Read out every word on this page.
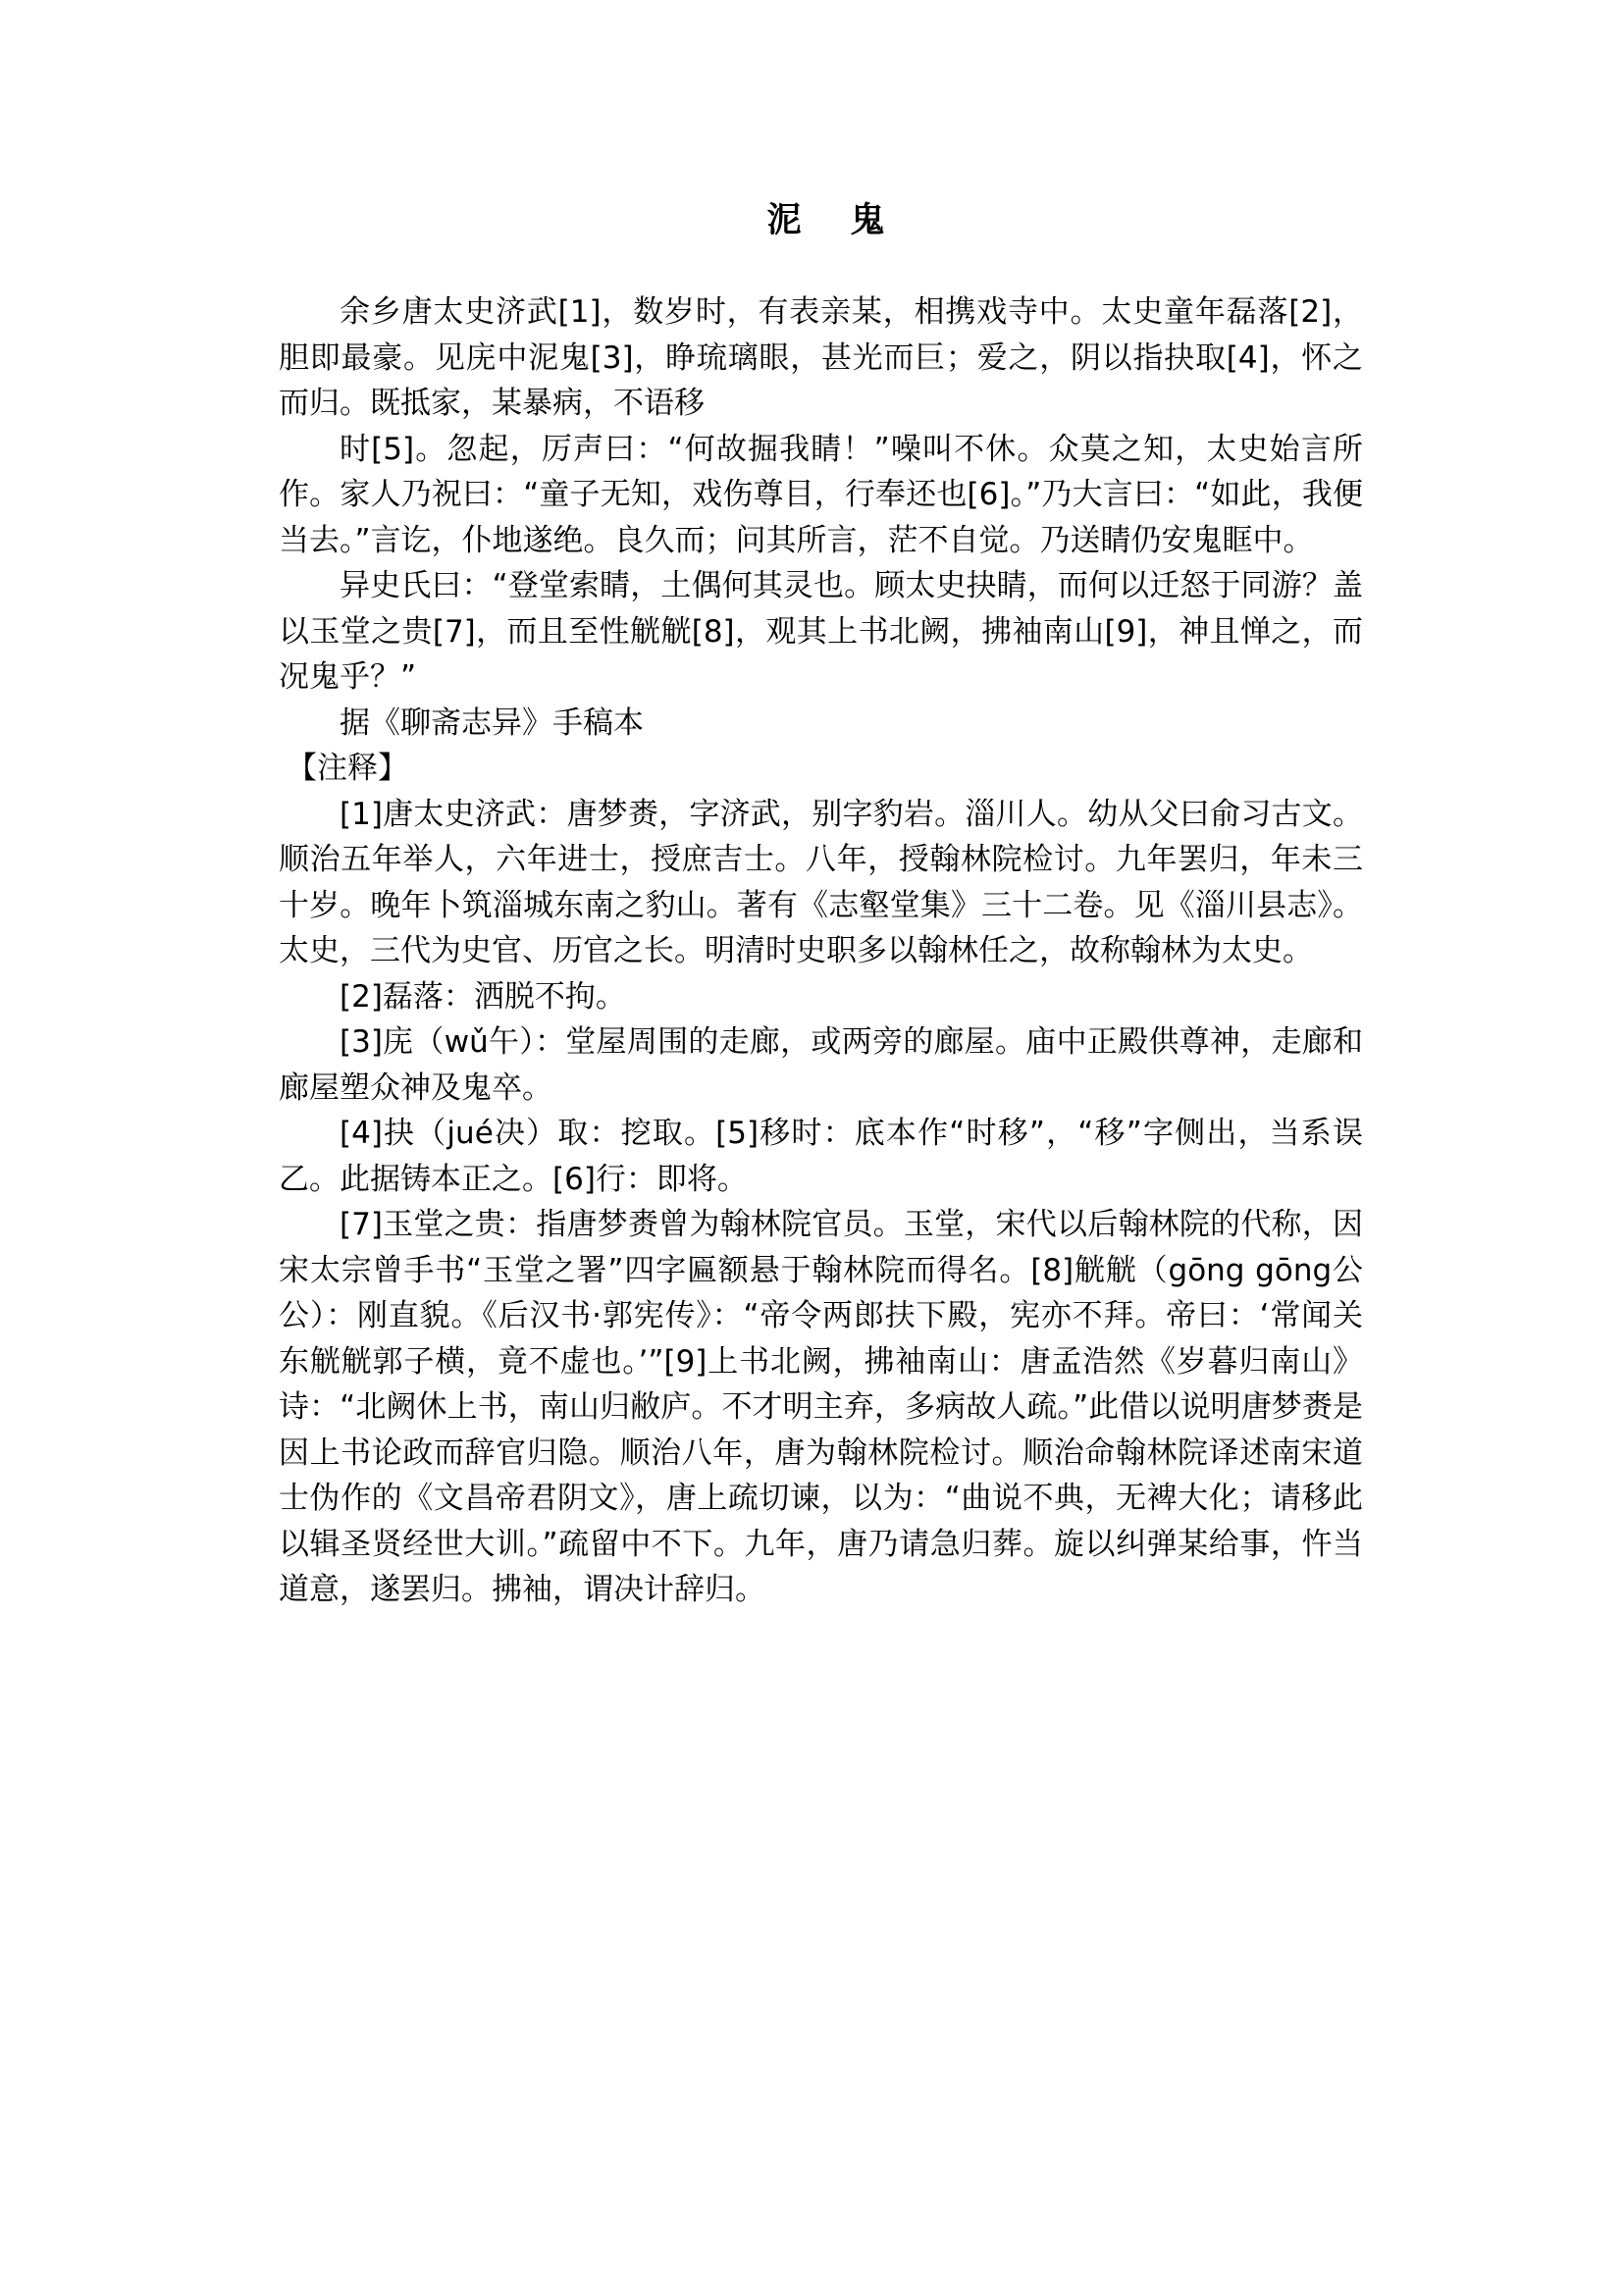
泥鬼

余乡唐太史济武[1]，数岁时，有表亲某，相携戏寺中。太史童年磊落[2]，胆即最豪。见庑中泥鬼[3]，睁琉璃眼，甚光而巨；爱之，阴以指抉取[4]，怀之而归。既抵家，某暴病，不语移

时[5]。忽起，厉声曰：“何故掘我睛！”噪叫不休。众莫之知，太史始言所作。家人乃祝曰：“童子无知，戏伤尊目，行奉还也[6]。”乃大言曰：“如此，我便当去。”言讫，仆地遂绝。良久而；问其所言，茫不自觉。乃送睛仍安鬼眶中。

异史氏曰：“登堂索睛，土偶何其灵也。顾太史抉睛，而何以迁怒于同游？盖以玉堂之贵[7]，而且至性觥觥[8]，观其上书北阙，拂袖南山[9]，神且惮之，而况鬼乎？”

据《聊斋志异》手稿本

【注释】

[1]唐太史济武：唐梦赉，字济武，别字豹岩。淄川人。幼从父曰俞习古文。顺治五年举人，六年进士，授庶吉士。八年，授翰林院检讨。九年罢归，年未三十岁。晚年卜筑淄城东南之豹山。著有《志壑堂集》三十二卷。见《淄川县志》。太史，三代为史官、历官之长。明清时史职多以翰林任之，故称翰林为太史。

[2]磊落：洒脱不拘。

[3]庑（wǔ午）：堂屋周围的走廊，或两旁的廊屋。庙中正殿供尊神，走廊和廊屋塑众神及鬼卒。

[4]抉（jué决）取：挖取。[5]移时：底本作“时移”，“移”字侧出，当系误乙。此据铸本正之。[6]行：即将。

[7]玉堂之贵：指唐梦赉曾为翰林院官员。玉堂，宋代以后翰林院的代称，因宋太宗曾手书“玉堂之署”四字匾额悬于翰林院而得名。[8]觥觥（gōng gōng公公）：刚直貌。《后汉书·郭宪传》：“帝令两郎扶下殿，宪亦不拜。帝曰：‘常闻关东觥觥郭子横，竟不虚也。’”[9]上书北阙，拂袖南山：唐孟浩然《岁暮归南山》诗：“北阙休上书，南山归敝庐。不才明主弃，多病故人疏。”此借以说明唐梦赉是因上书论政而辞官归隐。顺治八年，唐为翰林院检讨。顺治命翰林院译述南宋道士伪作的《文昌帝君阴文》，唐上疏切谏，以为：“曲说不典，无裨大化；请移此以辑圣贤经世大训。”疏留中不下。九年，唐乃请急归葬。旋以纠弹某给事，忤当道意，遂罢归。拂袖，谓决计辞归。
